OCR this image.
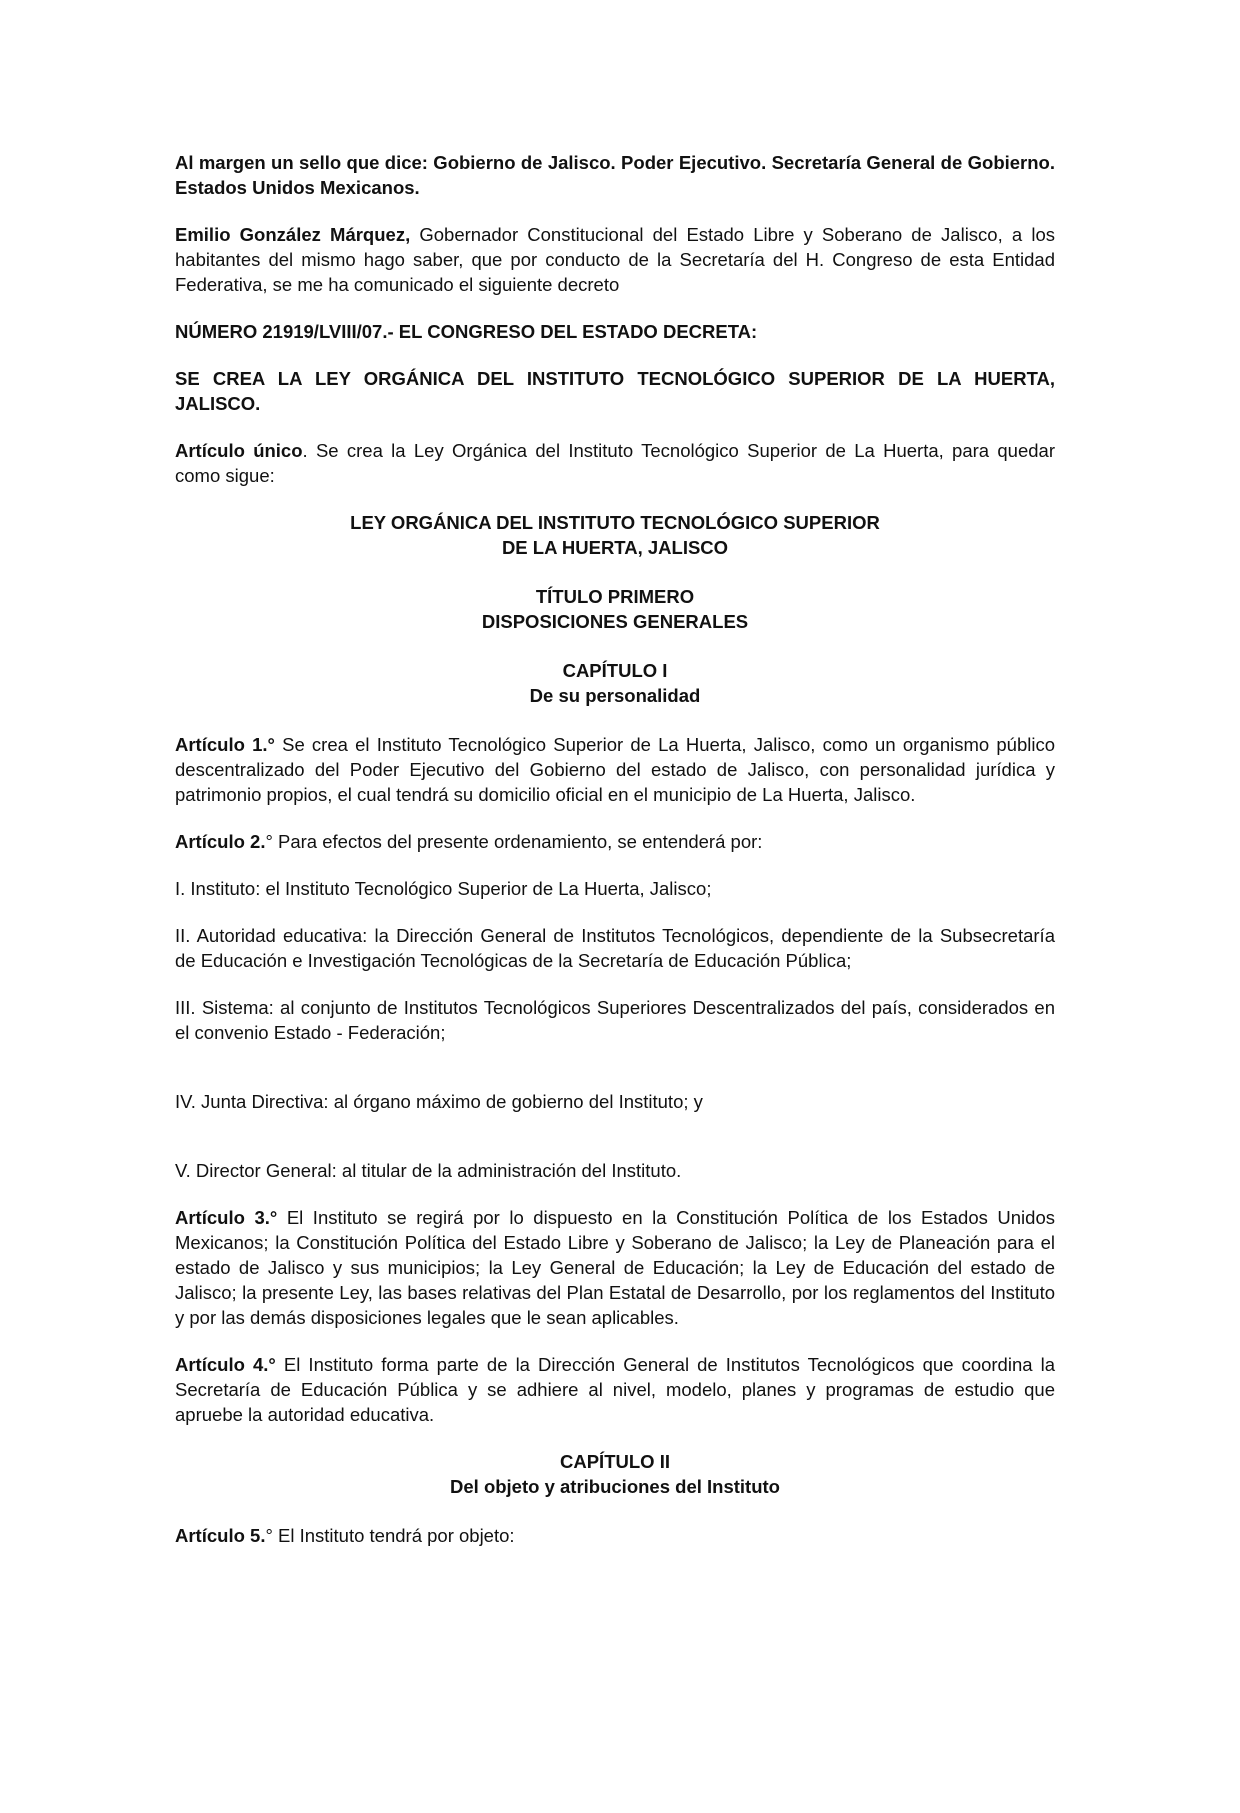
Al margen un sello que dice: Gobierno de Jalisco. Poder Ejecutivo. Secretaría General de Gobierno. Estados Unidos Mexicanos.

Emilio González Márquez, Gobernador Constitucional del Estado Libre y Soberano de Jalisco, a los habitantes del mismo hago saber, que por conducto de la Secretaría del H. Congreso de esta Entidad Federativa, se me ha comunicado el siguiente decreto

NÚMERO 21919/LVIII/07.- EL CONGRESO DEL ESTADO DECRETA:

SE CREA LA LEY ORGÁNICA DEL INSTITUTO TECNOLÓGICO SUPERIOR DE LA HUERTA, JALISCO.

Artículo único. Se crea la Ley Orgánica del Instituto Tecnológico Superior de La Huerta, para quedar como sigue:

LEY ORGÁNICA DEL INSTITUTO TECNOLÓGICO SUPERIOR

DE LA HUERTA, JALISCO

TÍTULO PRIMERO

DISPOSICIONES GENERALES

CAPÍTULO I

De su personalidad

Artículo 1.° Se crea el Instituto Tecnológico Superior de La Huerta, Jalisco, como un organismo público descentralizado del Poder Ejecutivo del Gobierno del estado de Jalisco, con personalidad jurídica y patrimonio propios, el cual tendrá su domicilio oficial en el municipio de La Huerta, Jalisco.

Artículo 2.° Para efectos del presente ordenamiento, se entenderá por:

I. Instituto: el Instituto Tecnológico Superior de La Huerta, Jalisco;

II. Autoridad educativa: la Dirección General de Institutos Tecnológicos, dependiente de la Subsecretaría de Educación e Investigación Tecnológicas de la Secretaría de Educación Pública;

III. Sistema: al conjunto de Institutos Tecnológicos Superiores Descentralizados del país, considerados en el convenio Estado - Federación;

IV. Junta Directiva: al órgano máximo de gobierno del Instituto; y

V. Director General: al titular de la administración del Instituto.

Artículo 3.° El Instituto se regirá por lo dispuesto en la Constitución Política de los Estados Unidos Mexicanos; la Constitución Política del Estado Libre y Soberano de Jalisco; la Ley de Planeación para el estado de Jalisco y sus municipios; la Ley General de Educación; la Ley de Educación del estado de Jalisco; la presente Ley, las bases relativas del Plan Estatal de Desarrollo, por los reglamentos del Instituto y por las demás disposiciones legales que le sean aplicables.

Artículo 4.° El Instituto forma parte de la Dirección General de Institutos Tecnológicos que coordina la Secretaría de Educación Pública y se adhiere al nivel, modelo, planes y programas de estudio que apruebe la autoridad educativa.

CAPÍTULO II

Del objeto y atribuciones del Instituto

Artículo 5.° El Instituto tendrá por objeto:
